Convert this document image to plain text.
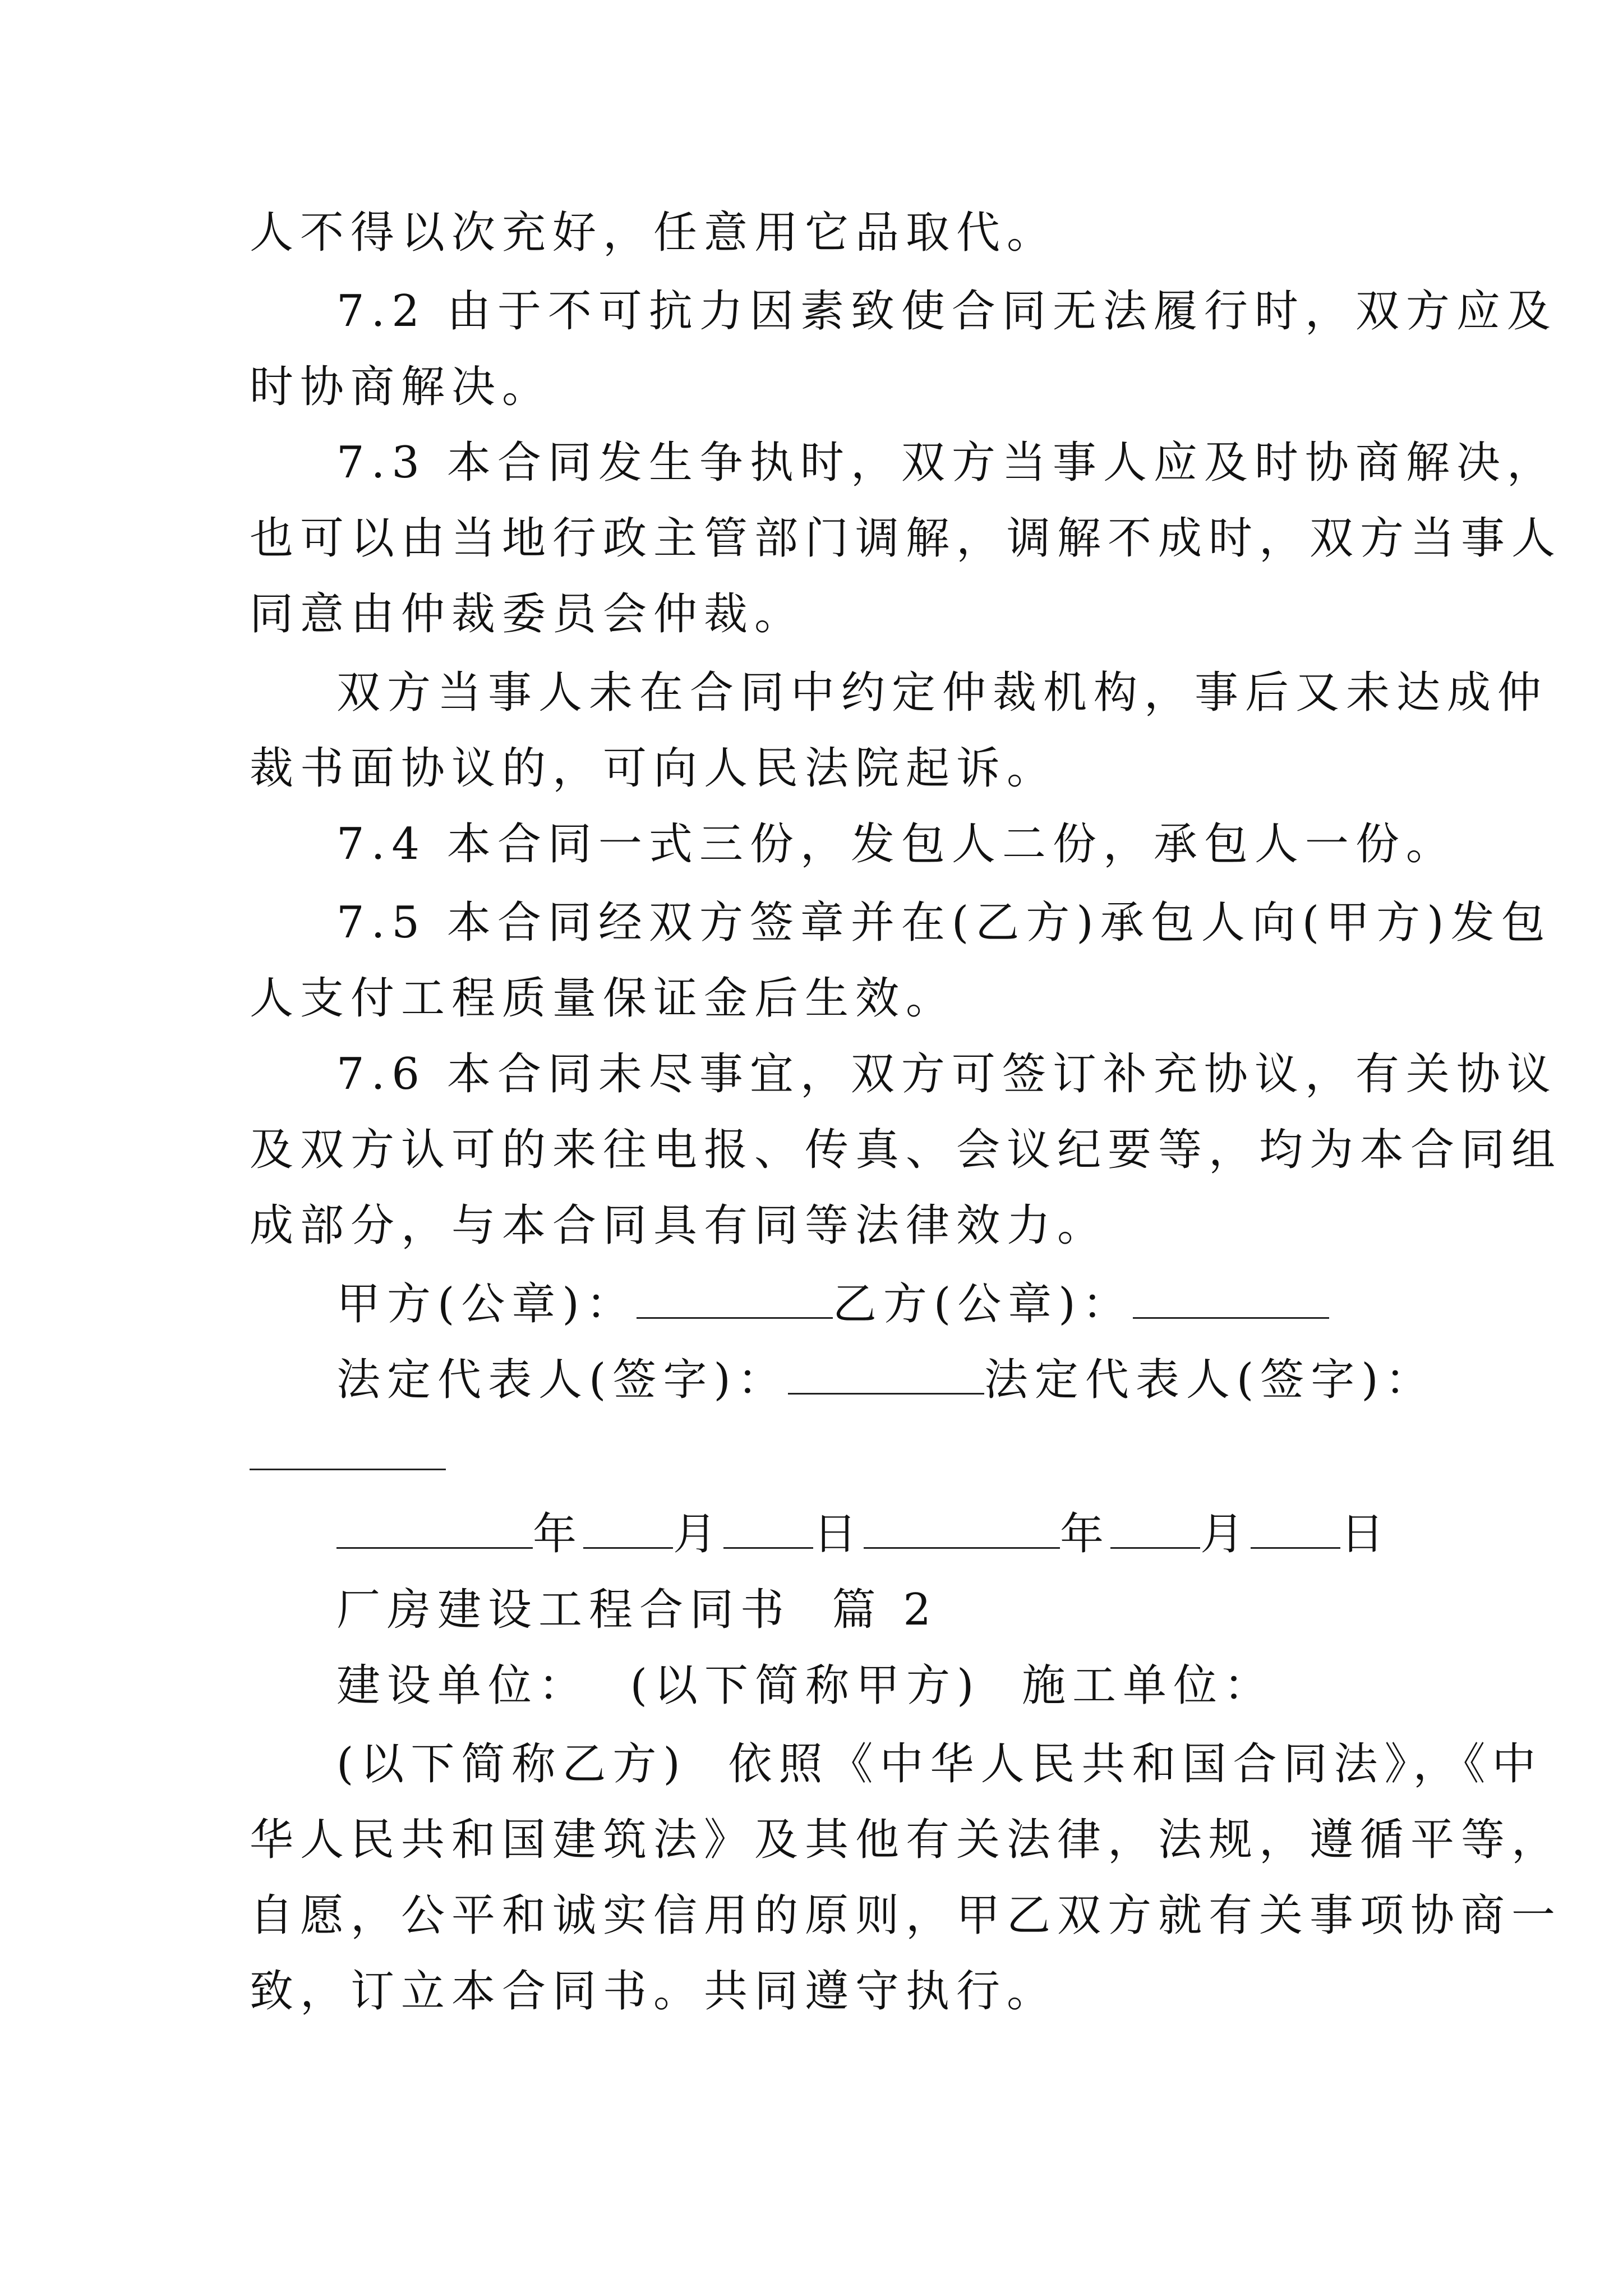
人不得以次充好，任意用它品取代。
7.2 由于不可抗力因素致使合同无法履行时，双方应及
时协商解决。
7.3 本合同发生争执时，双方当事人应及时协商解决，
也可以由当地行政主管部门调解，调解不成时，双方当事人
同意由仲裁委员会仲裁。
双方当事人未在合同中约定仲裁机构，事后又未达成仲
裁书面协议的，可向人民法院起诉。
7.4 本合同一式三份，发包人二份，承包人一份。
7.5 本合同经双方签章并在(乙方)承包人向(甲方)发包
人支付工程质量保证金后生效。
7.6 本合同未尽事宜，双方可签订补充协议，有关协议
及双方认可的来往电报、传真、会议纪要等，均为本合同组
成部分，与本合同具有同等法律效力。
甲方(公章)：	乙方(公章)：
法定代表人(签字)：	法定代表人(签字)：
年 月 日	年 月 日
厂房建设工程合同书  篇 2
建设单位：  (以下简称甲方)  施工单位：
(以下简称乙方)  依照《中华人民共和国合同法》，《中
华人民共和国建筑法》及其他有关法律，法规，遵循平等，
自愿，公平和诚实信用的原则，甲乙双方就有关事项协商一
致，订立本合同书。共同遵守执行。
